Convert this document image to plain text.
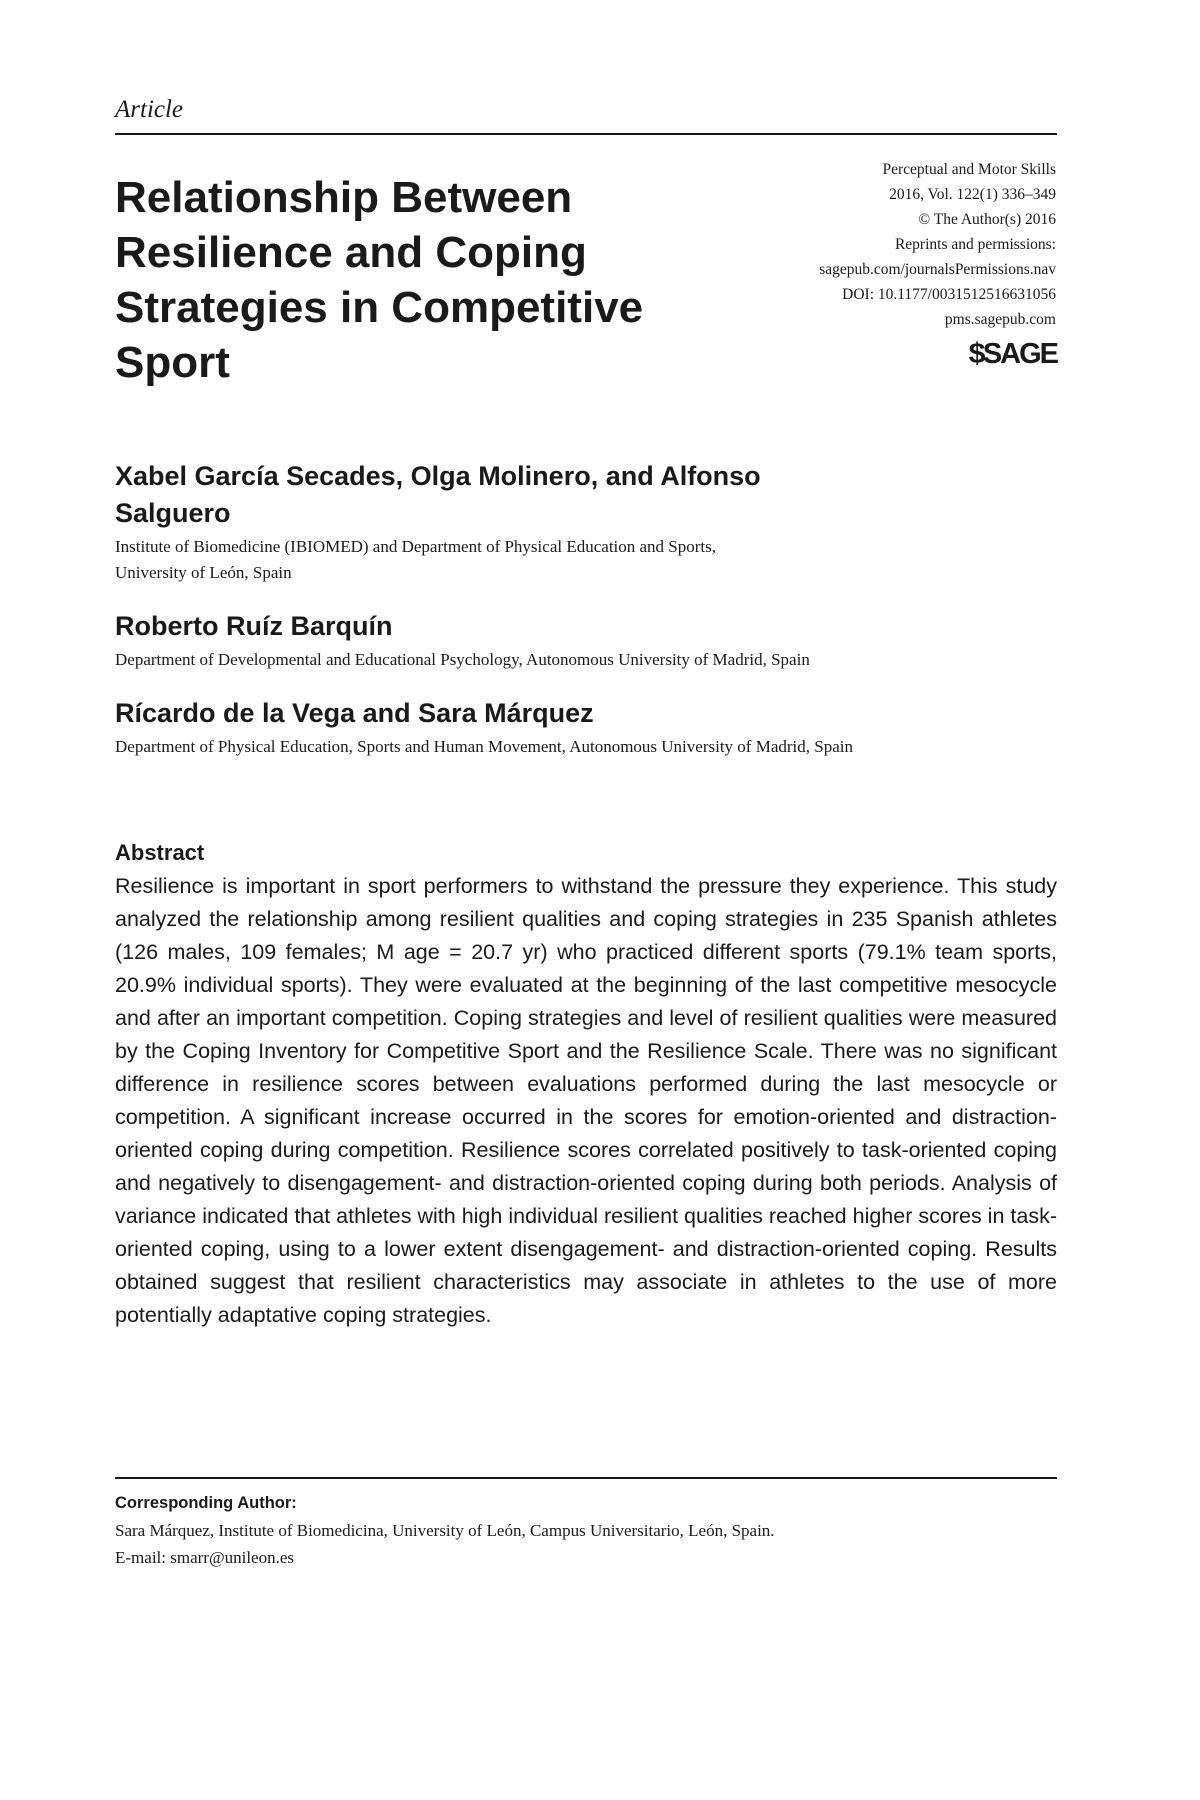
Article
Relationship Between Resilience and Coping Strategies in Competitive Sport
Perceptual and Motor Skills
2016, Vol. 122(1) 336–349
© The Author(s) 2016
Reprints and permissions:
sagepub.com/journalsPermissions.nav
DOI: 10.1177/0031512516631056
pms.sagepub.com
$SAGE
Xabel García Secades, Olga Molinero, and Alfonso Salguero
Institute of Biomedicine (IBIOMED) and Department of Physical Education and Sports,
University of León, Spain
Roberto Ruíz Barquín
Department of Developmental and Educational Psychology, Autonomous University of Madrid, Spain
Rícardo de la Vega and Sara Márquez
Department of Physical Education, Sports and Human Movement, Autonomous University of Madrid, Spain
Abstract

Resilience is important in sport performers to withstand the pressure they experience. This study analyzed the relationship among resilient qualities and coping strategies in 235 Spanish athletes (126 males, 109 females; M age = 20.7 yr) who practiced different sports (79.1% team sports, 20.9% individual sports). They were evaluated at the beginning of the last competitive mesocycle and after an important competition. Coping strategies and level of resilient qualities were measured by the Coping Inventory for Competitive Sport and the Resilience Scale. There was no significant difference in resilience scores between evaluations performed during the last mesocycle or competition. A significant increase occurred in the scores for emotion-oriented and distraction-oriented coping during competition. Resilience scores correlated positively to task-oriented coping and negatively to disengagement- and distraction-oriented coping during both periods. Analysis of variance indicated that athletes with high individual resilient qualities reached higher scores in task-oriented coping, using to a lower extent disengagement- and distraction-oriented coping. Results obtained suggest that resilient characteristics may associate in athletes to the use of more potentially adaptative coping strategies.

Corresponding Author:
Sara Márquez, Institute of Biomedicina, University of León, Campus Universitario, León, Spain.
E-mail: smarr@unileon.es
